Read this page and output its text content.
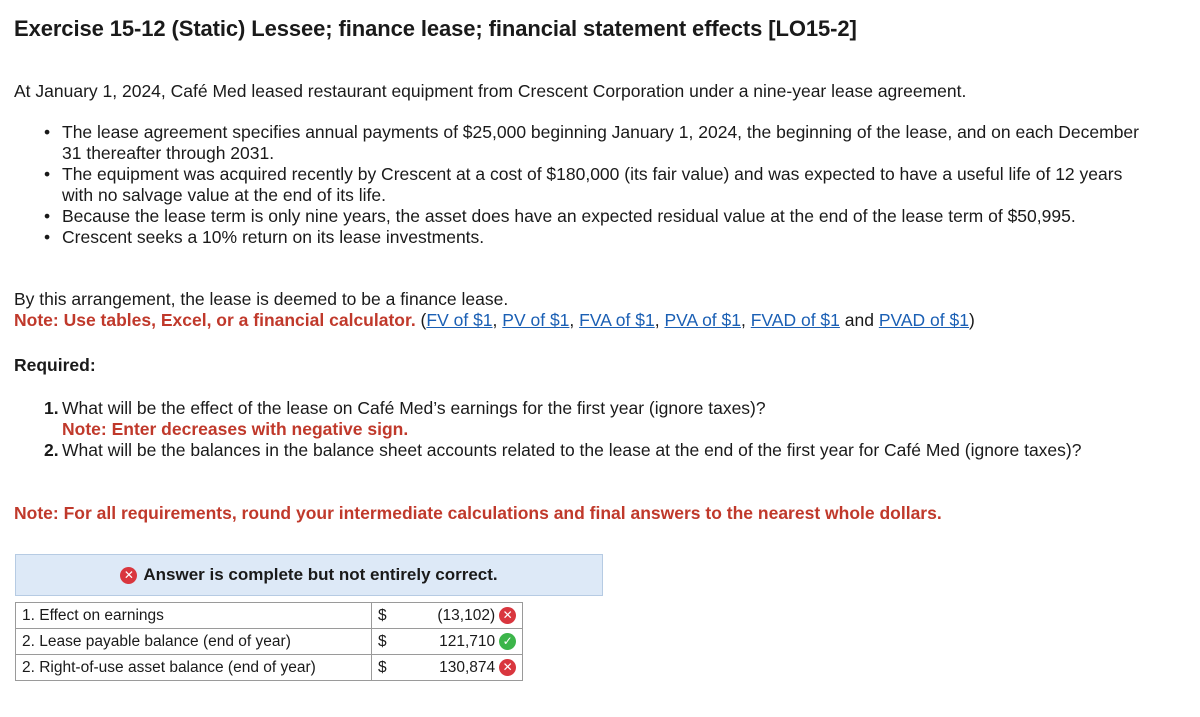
Exercise 15-12 (Static) Lessee; finance lease; financial statement effects [LO15-2]
At January 1, 2024, Café Med leased restaurant equipment from Crescent Corporation under a nine-year lease agreement.
• The lease agreement specifies annual payments of $25,000 beginning January 1, 2024, the beginning of the lease, and on each December 31 thereafter through 2031.
• The equipment was acquired recently by Crescent at a cost of $180,000 (its fair value) and was expected to have a useful life of 12 years with no salvage value at the end of its life.
• Because the lease term is only nine years, the asset does have an expected residual value at the end of the lease term of $50,995.
• Crescent seeks a 10% return on its lease investments.
By this arrangement, the lease is deemed to be a finance lease.
Note: Use tables, Excel, or a financial calculator. (FV of $1, PV of $1, FVA of $1, PVA of $1, FVAD of $1 and PVAD of $1)
Required:
1. What will be the effect of the lease on Café Med’s earnings for the first year (ignore taxes)?
Note: Enter decreases with negative sign.
2. What will be the balances in the balance sheet accounts related to the lease at the end of the first year for Café Med (ignore taxes)?
Note: For all requirements, round your intermediate calculations and final answers to the nearest whole dollars.
✕ Answer is complete but not entirely correct.
1. Effect on earnings	$	(13,102) ✕
2. Lease payable balance (end of year)	$	121,710 ✓
2. Right-of-use asset balance (end of year)	$	130,874 ✕
